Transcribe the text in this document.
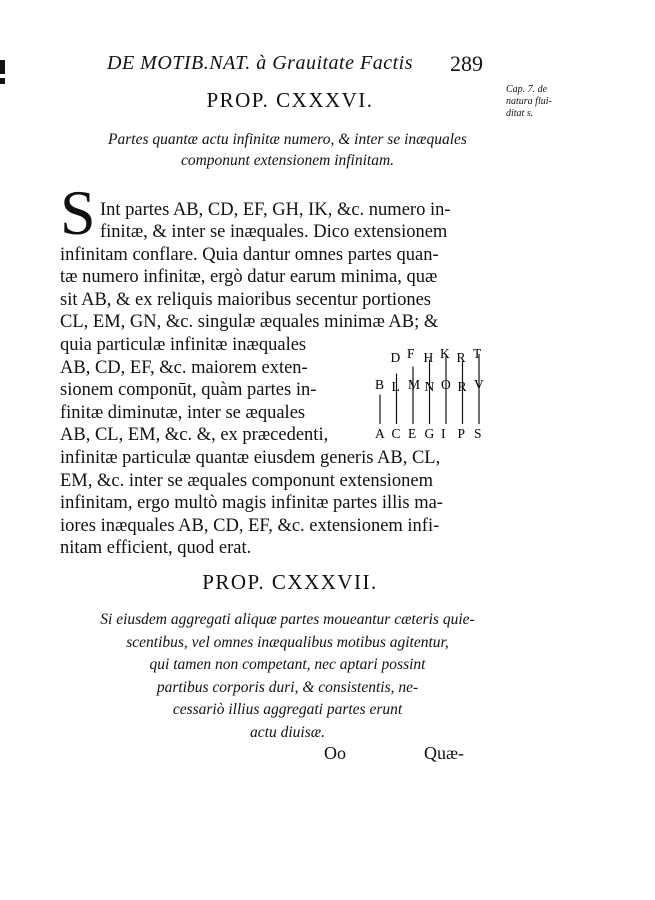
DE MOTIB.NAT. à Grauitate Factis 289
Cap. 7. de
natura flui-
ditat s.
PROP. CXXXVI.
Partes quantæ actu infinitæ numero, & inter se inæquales
componunt extensionem infinitam.
S Int partes AB, CD, EF, GH, IK, &c. numero in-
finitæ, & inter se inæquales. Dico extensionem
infinitam conflare. Quia dantur omnes partes quan-
tæ numero infinitæ, ergò datur earum minima, quæ
sit AB, & ex reliquis maioribus secentur portiones
CL, EM, GN, &c. singulæ æquales minimæ AB; &
quia particulæ infinitæ inæquales
AB, CD, EF, &c. maiorem exten-
sionem componūt, quàm partes in-
finitæ diminutæ, inter se æquales
AB, CL, EM, &c. &, ex præcedenti,	A
B
C
L
E
M
G
N
I
O
P
R
S
V
D F H K R T
infinitæ particulæ quantæ eiusdem generis AB, CL,
EM, &c. inter se æquales componunt extensionem
infinitam, ergo multò magis infinitæ partes illis ma-
iores inæquales AB, CD, EF, &c. extensionem infi-
nitam efficient, quod erat.
PROP. CXXXVII.
Si eiusdem aggregati aliquæ partes moueantur cæteris quie-
scentibus, vel omnes inæqualibus motibus agitentur,
qui tamen non competant, nec aptari possint
partibus corporis duri, & consistentis, ne-
cessariò illius aggregati partes erunt
actu diuisæ.
Oo	Quæ-
